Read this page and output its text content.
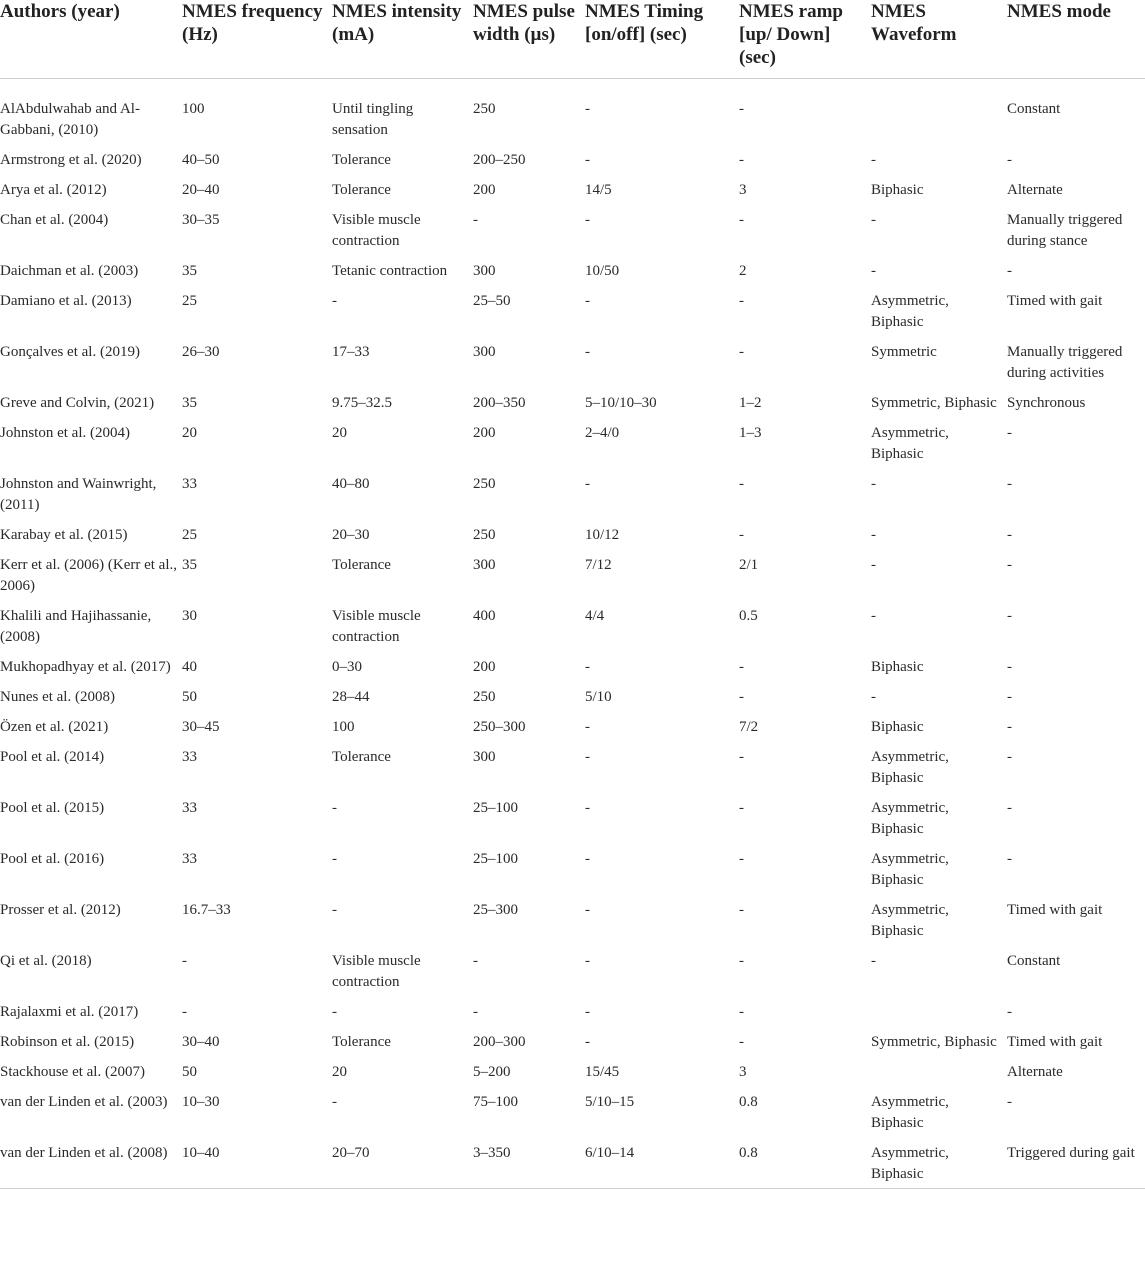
Authors (year)	NMES frequency (Hz)	NMES intensity (mA)	NMES pulse width (µs)	NMES Timing [on/off] (sec)	NMES ramp [up/ Down] (sec)	NMES Waveform	NMES mode
AlAbdulwahab and Al-Gabbani, (2010)	100	Until tingling sensation	250	-	-		Constant
Armstrong et al. (2020)	40–50	Tolerance	200–250	-	-	-	-
Arya et al. (2012)	20–40	Tolerance	200	14/5	3	Biphasic	Alternate
Chan et al. (2004)	30–35	Visible muscle contraction	-	-	-	-	Manually triggered during stance
Daichman et al. (2003)	35	Tetanic contraction	300	10/50	2	-	-
Damiano et al. (2013)	25	-	25–50	-	-	Asymmetric, Biphasic	Timed with gait
Gonçalves et al. (2019)	26–30	17–33	300	-	-	Symmetric	Manually triggered during activities
Greve and Colvin, (2021)	35	9.75–32.5	200–350	5–10/10–30	1–2	Symmetric, Biphasic	Synchronous
Johnston et al. (2004)	20	20	200	2–4/0	1–3	Asymmetric, Biphasic	-
Johnston and Wainwright, (2011)	33	40–80	250	-	-	-	-
Karabay et al. (2015)	25	20–30	250	10/12	-	-	-
Kerr et al. (2006) (Kerr et al., 2006)	35	Tolerance	300	7/12	2/1	-	-
Khalili and Hajihassanie, (2008)	30	Visible muscle contraction	400	4/4	0.5	-	-
Mukhopadhyay et al. (2017)	40	0–30	200	-	-	Biphasic	-
Nunes et al. (2008)	50	28–44	250	5/10	-	-	-
Özen et al. (2021)	30–45	100	250–300	-	7/2	Biphasic	-
Pool et al. (2014)	33	Tolerance	300	-	-	Asymmetric, Biphasic	-
Pool et al. (2015)	33	-	25–100	-	-	Asymmetric, Biphasic	-
Pool et al. (2016)	33	-	25–100	-	-	Asymmetric, Biphasic	-
Prosser et al. (2012)	16.7–33	-	25–300	-	-	Asymmetric, Biphasic	Timed with gait
Qi et al. (2018)	-	Visible muscle contraction	-	-	-	-	Constant
Rajalaxmi et al. (2017)	-	-	-	-	-		-
Robinson et al. (2015)	30–40	Tolerance	200–300	-	-	Symmetric, Biphasic	Timed with gait
Stackhouse et al. (2007)	50	20	5–200	15/45	3		Alternate
van der Linden et al. (2003)	10–30	-	75–100	5/10–15	0.8	Asymmetric, Biphasic	-
van der Linden et al. (2008)	10–40	20–70	3–350	6/10–14	0.8	Asymmetric, Biphasic	Triggered during gait
